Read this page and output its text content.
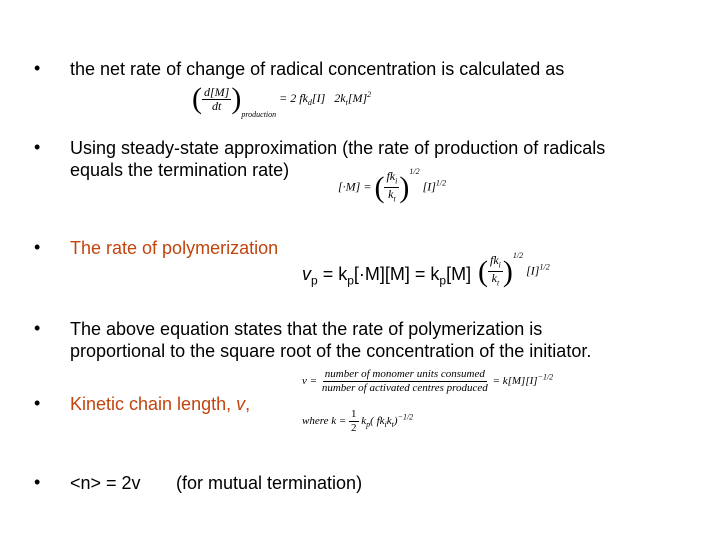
• the net rate of change of radical concentration is calculated as
( $\frac{d[M]}{dt} )_{production} = 2$ $fk_d[I]$ $2k_t[M]^2$
• Using steady-state approximation (the rate of production of radicals
equals the termination rate)
[·M] = ( $\frac{fk_i}{k_t} )^{1/2}$ $[I]^{1/2}$
• The rate of polymerization
$v_p = k_p[\cdot M][M] = k_p[M]$ ( $\frac{fk_i}{k_t} )^{1/2}$ $[I]^{1/2}$
• The above equation states that the rate of polymerization is
proportional to the square root of the concentration of the initiator.
• Kinetic chain length, v,
$v = \frac{\text{number of monomer units consumed}}{\text{number of activated centres produced}} = k[M][I]^{-1/2}$
where $k = \frac{1}{2} k_p$( $fk_ik_t)^{-1/2}$
• <n> = 2v (for mutual termination)
